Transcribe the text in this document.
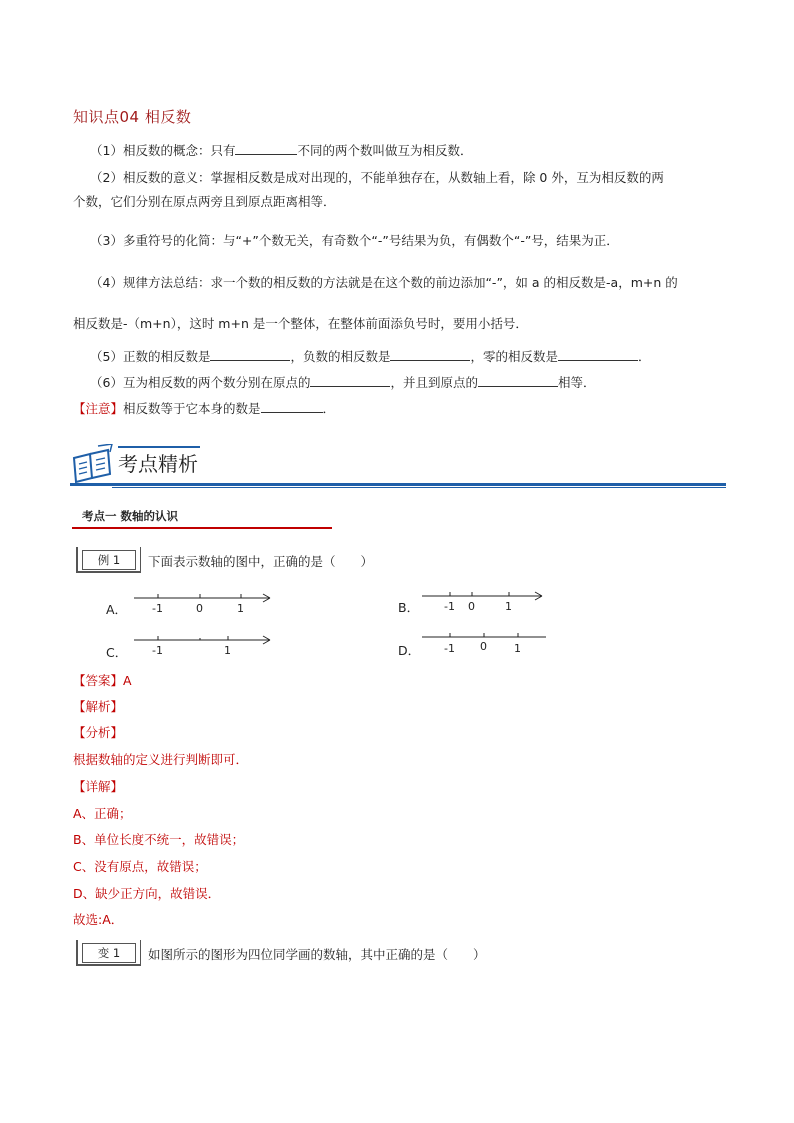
知识点04 相反数
（1）相反数的概念：只有	不同的两个数叫做互为相反数．
（2）相反数的意义：掌握相反数是成对出现的，不能单独存在，从数轴上看，除 0 外，互为相反数的两
个数，它们分别在原点两旁且到原点距离相等．
（3）多重符号的化简：与“+”个数无关，有奇数个“-”号结果为负，有偶数个“-”号，结果为正．
（4）规律方法总结：求一个数的相反数的方法就是在这个数的前边添加“-”，如 a 的相反数是-a，m+n 的
相反数是-（m+n），这时 m+n 是一个整体，在整体前面添负号时，要用小括号．
（5）正数的相反数是	，负数的相反数是	，零的相反数是	．
（6）互为相反数的两个数分别在原点的	，并且到原点的	相等．
【注意】相反数等于它本身的数是	．
考点精析
考点一 数轴的认识
例 1	下面表示数轴的图中，正确的是（　　）
A． -1	0	1	B． -1 0	1
C． -1	1	D． -1 0 1
【答案】A
【解析】
【分析】
根据数轴的定义进行判断即可．
【详解】
A、正确；
B、单位长度不统一，故错误；
C、没有原点，故错误；
D、缺少正方向，故错误．
故选:A．
变 1	如图所示的图形为四位同学画的数轴，其中正确的是（　　）
